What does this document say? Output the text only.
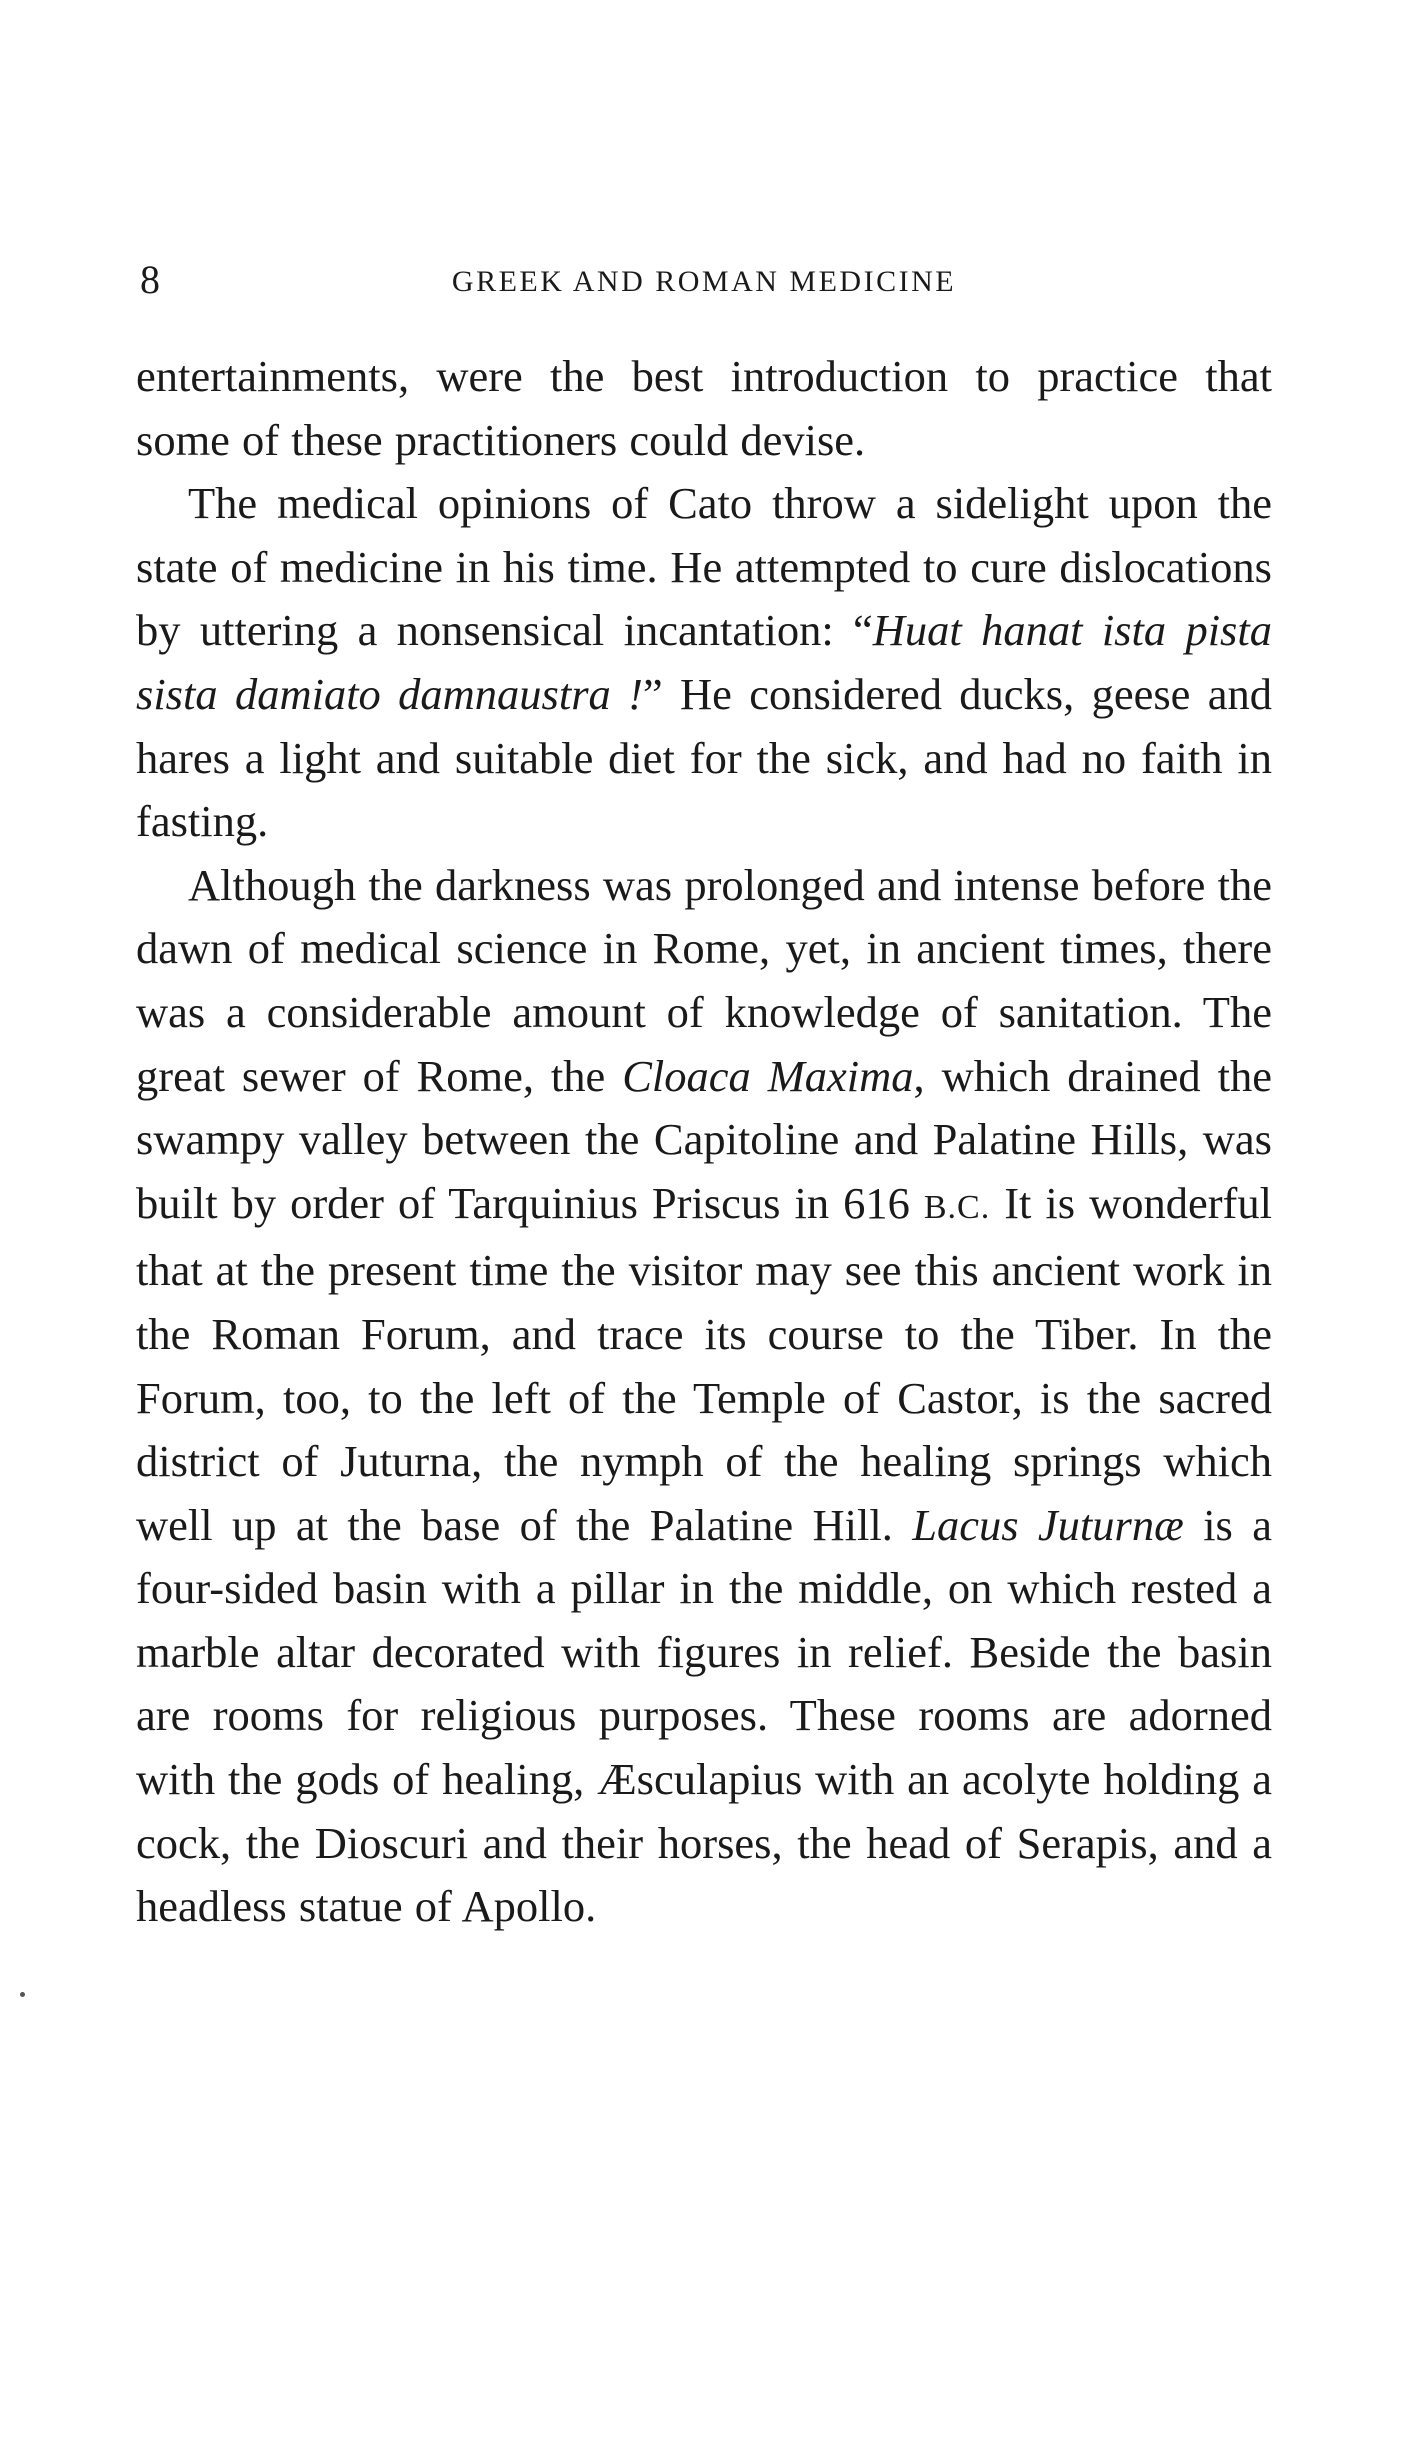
8	GREEK AND ROMAN MEDICINE

entertainments, were the best introduction to practice that some of these practitioners could devise.

The medical opinions of Cato throw a sidelight upon the state of medicine in his time. He attempted to cure dislocations by uttering a nonsensical incantation: “Huat hanat ista pista sista damiato damnaustra !” He considered ducks, geese and hares a light and suitable diet for the sick, and had no faith in fasting.

Although the darkness was prolonged and intense before the dawn of medical science in Rome, yet, in ancient times, there was a considerable amount of knowledge of sanitation. The great sewer of Rome, the Cloaca Maxima, which drained the swampy valley between the Capitoline and Palatine Hills, was built by order of Tarquinius Priscus in 616 B.C. It is wonderful that at the present time the visitor may see this ancient work in the Roman Forum, and trace its course to the Tiber. In the Forum, too, to the left of the Temple of Castor, is the sacred district of Juturna, the nymph of the healing springs which well up at the base of the Palatine Hill. Lacus Juturnæ is a four-sided basin with a pillar in the middle, on which rested a marble altar decorated with figures in relief. Beside the basin are rooms for religious purposes. These rooms are adorned with the gods of healing, Æsculapius with an acolyte holding a cock, the Dioscuri and their horses, the head of Serapis, and a headless statue of Apollo.
